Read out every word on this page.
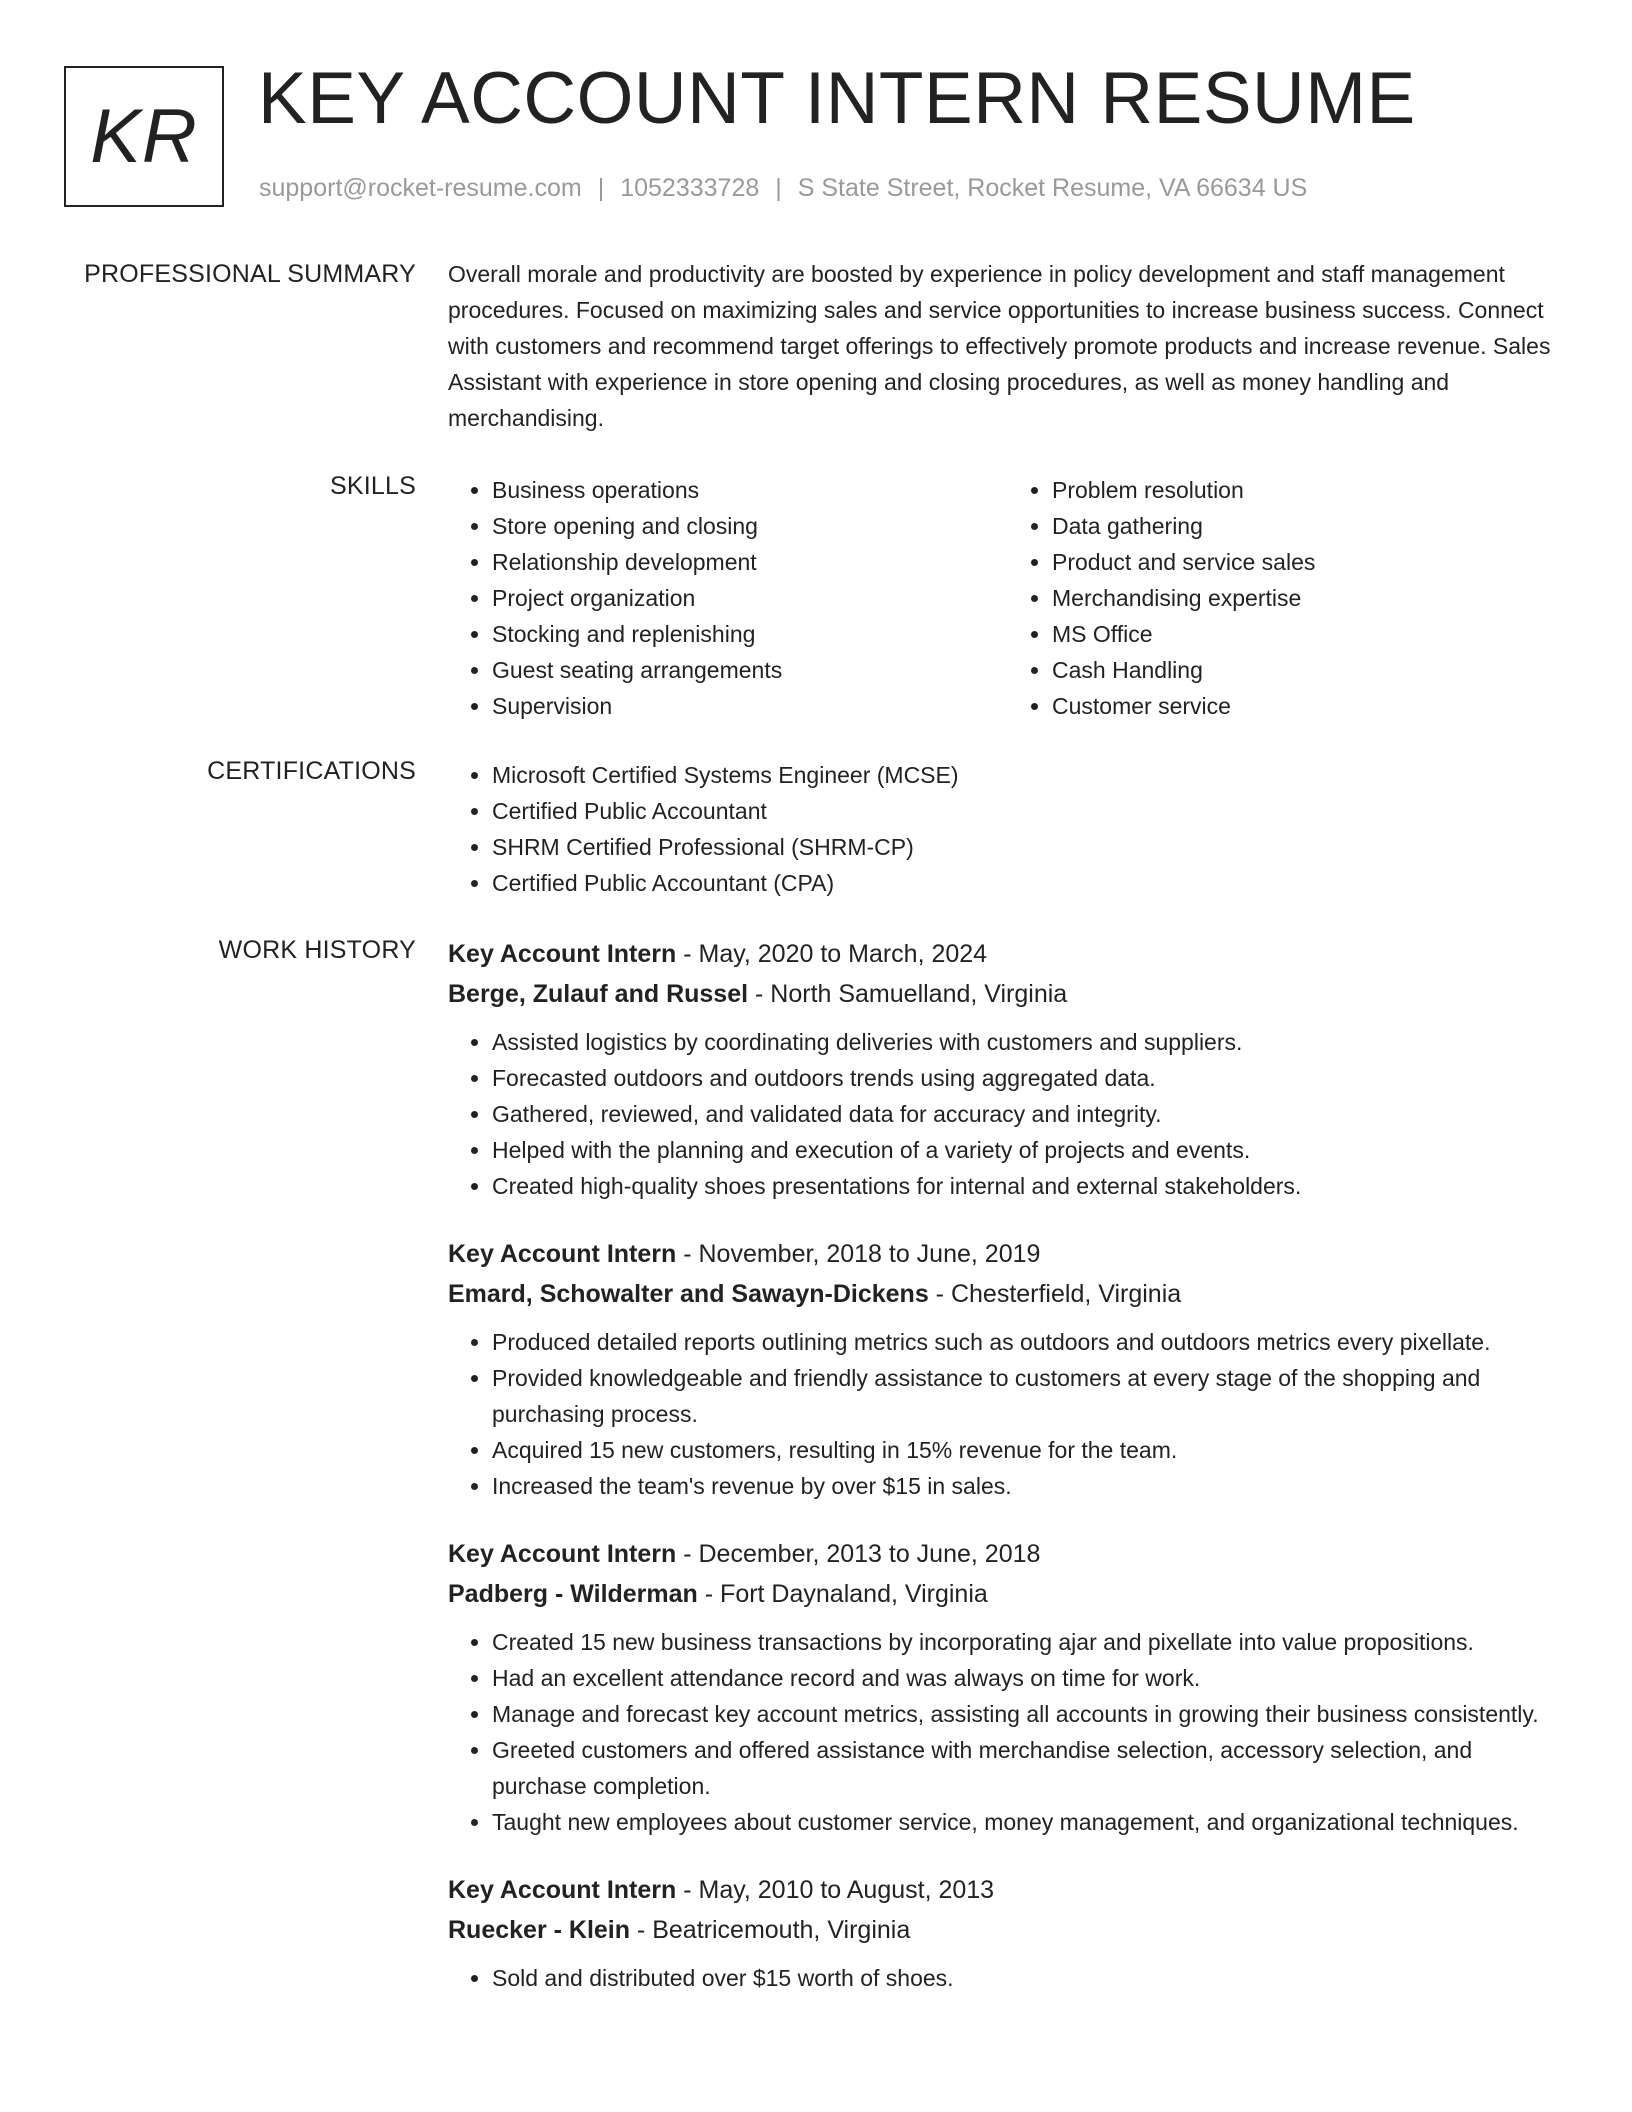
KR KEY ACCOUNT INTERN RESUME
support@rocket-resume.com | 1052333728 | S State Street, Rocket Resume, VA 66634 US
PROFESSIONAL SUMMARY Overall morale and productivity are boosted by experience in policy development and staff management procedures. Focused on maximizing sales and service opportunities to increase business success. Connect with customers and recommend target offerings to effectively promote products and increase revenue. Sales Assistant with experience in store opening and closing procedures, as well as money handling and merchandising.

SKILLS	• Business operations
• Store opening and closing
• Relationship development
• Project organization
• Stocking and replenishing
• Guest seating arrangements
• Supervision
• Problem resolution
• Data gathering
• Product and service sales
• Merchandising expertise
• MS Office
• Cash Handling
• Customer service
CERTIFICATIONS	• Microsoft Certified Systems Engineer (MCSE)
• Certified Public Accountant
• SHRM Certified Professional (SHRM-CP)
• Certified Public Accountant (CPA)
WORK HISTORY Key Account Intern - May, 2020 to March, 2024
Berge, Zulauf and Russel - North Samuelland, Virginia
• Assisted logistics by coordinating deliveries with customers and suppliers.
• Forecasted outdoors and outdoors trends using aggregated data.
• Gathered, reviewed, and validated data for accuracy and integrity.
• Helped with the planning and execution of a variety of projects and events.
• Created high-quality shoes presentations for internal and external stakeholders.
Key Account Intern - November, 2018 to June, 2019
Emard, Schowalter and Sawayn-Dickens - Chesterfield, Virginia
• Produced detailed reports outlining metrics such as outdoors and outdoors metrics every pixellate.
• Provided knowledgeable and friendly assistance to customers at every stage of the shopping and purchasing process.
• Acquired 15 new customers, resulting in 15% revenue for the team.
• Increased the team's revenue by over $15 in sales.
Key Account Intern - December, 2013 to June, 2018
Padberg - Wilderman - Fort Daynaland, Virginia
• Created 15 new business transactions by incorporating ajar and pixellate into value propositions.
• Had an excellent attendance record and was always on time for work.
• Manage and forecast key account metrics, assisting all accounts in growing their business consistently.
• Greeted customers and offered assistance with merchandise selection, accessory selection, and purchase completion.
• Taught new employees about customer service, money management, and organizational techniques.
Key Account Intern - May, 2010 to August, 2013
Ruecker - Klein - Beatricemouth, Virginia
• Sold and distributed over $15 worth of shoes.
